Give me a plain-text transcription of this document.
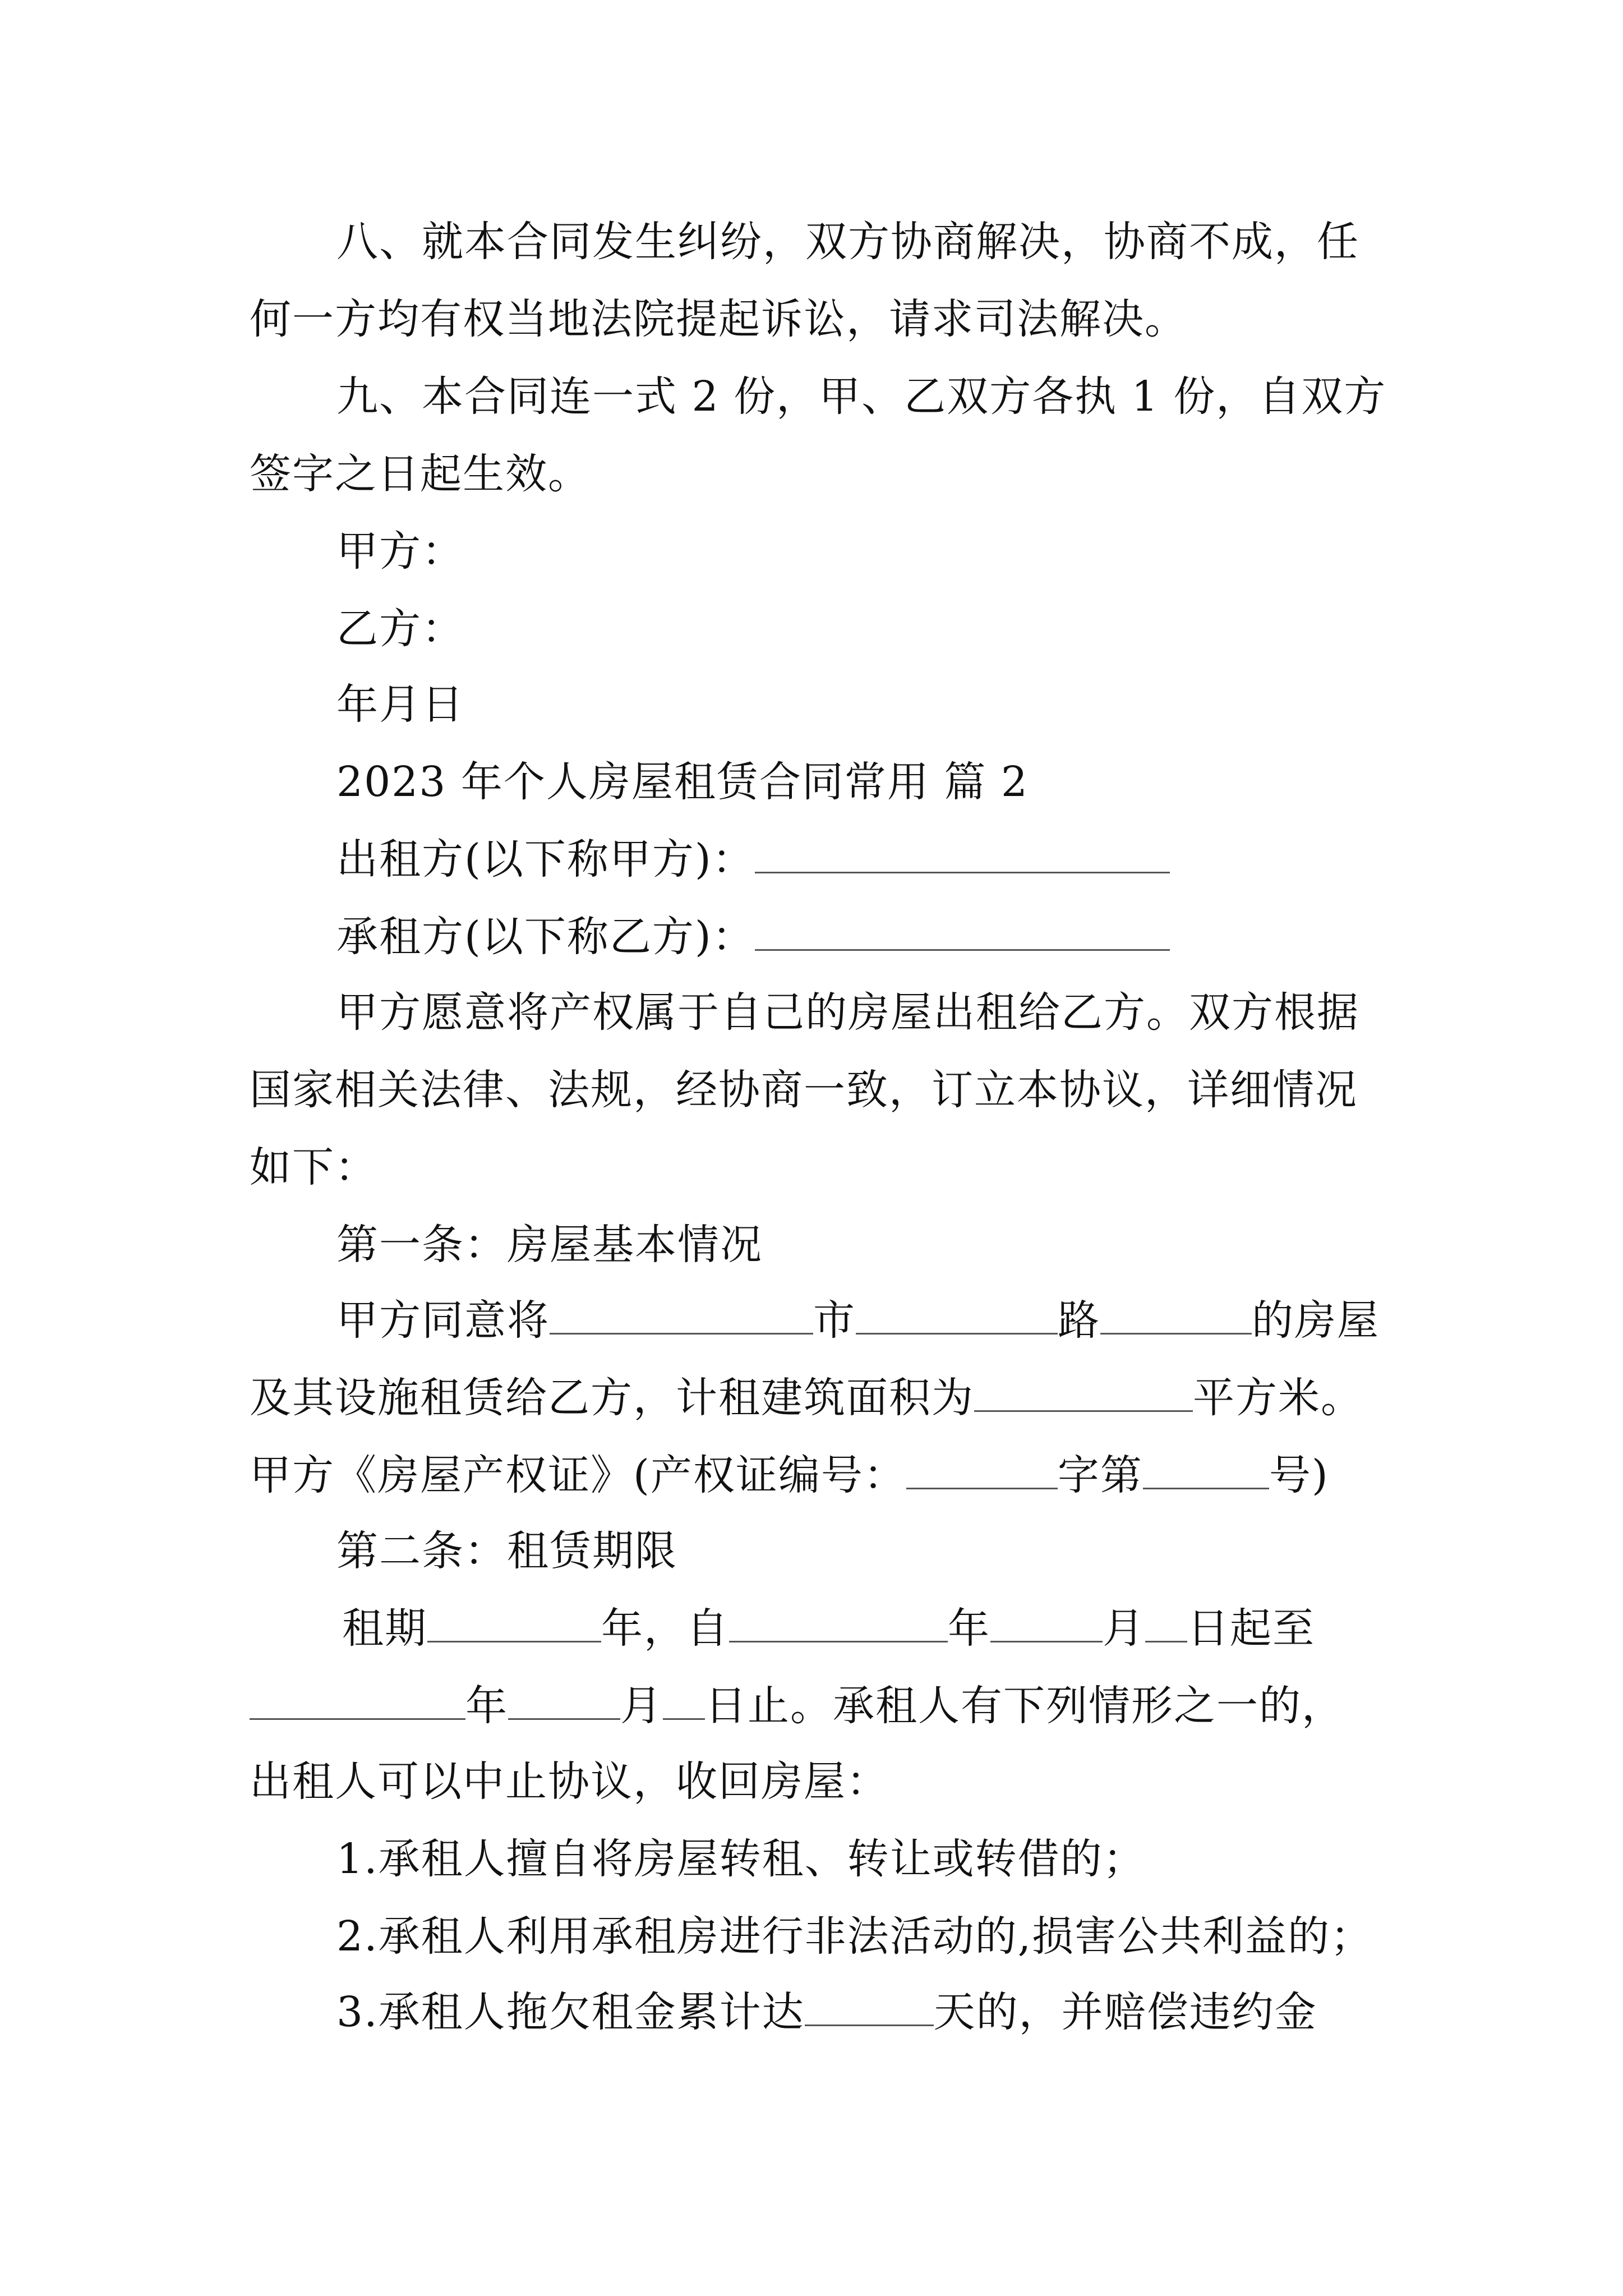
八、就本合同发生纠纷，双方协商解决，协商不成，任
何一方均有权当地法院提起诉讼，请求司法解决。
九、本合同连一式 2 份，甲、乙双方各执 1 份，自双方
签字之日起生效。
甲方：
乙方：
年月日
2023 年个人房屋租赁合同常用 篇 2
出租方(以下称甲方)：
承租方(以下称乙方)：
甲方愿意将产权属于自己的房屋出租给乙方。双方根据
国家相关法律、法规，经协商一致，订立本协议，详细情况
如下：
第一条：房屋基本情况
甲方同意将	市	路	的房屋
及其设施租赁给乙方，计租建筑面积为	平方米。
甲方《房屋产权证》(产权证编号：	字第	号)
第二条：租赁期限
租期	年，自	年	月 日起至
年	月 日止。承租人有下列情形之一的，
出租人可以中止协议，收回房屋：
1.承租人擅自将房屋转租、转让或转借的；
2.承租人利用承租房进行非法活动的,损害公共利益的；
3.承租人拖欠租金累计达	天的，并赔偿违约金
